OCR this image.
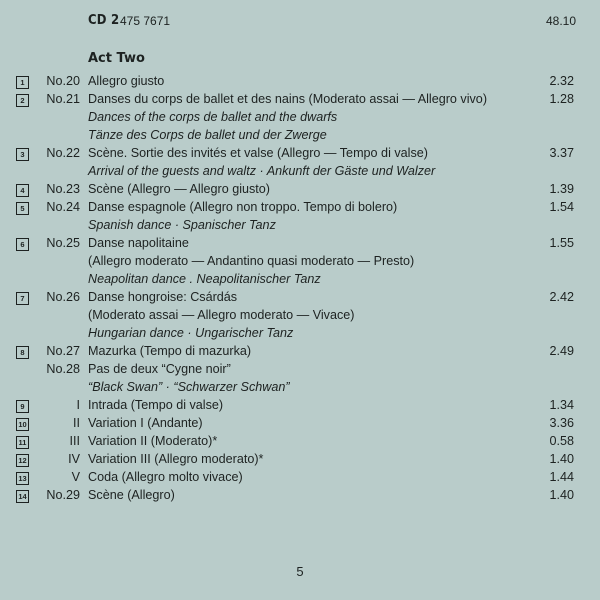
CD 2 475 7671	48.10
Act Two
1	No.20 Allegro giusto	2.32
2	No.21 Danses du corps de ballet et des nains (Moderato assai — Allegro vivo)	1.28
Dances of the corps de ballet and the dwarfs
Tänze des Corps de ballet und der Zwerge
3	No.22 Scène. Sortie des invités et valse (Allegro — Tempo di valse)	3.37
Arrival of the guests and waltz · Ankunft der Gäste und Walzer
4	No.23 Scène (Allegro — Allegro giusto)	1.39
5	No.24 Danse espagnole (Allegro non troppo. Tempo di bolero)	1.54
Spanish dance · Spanischer Tanz
6	No.25 Danse napolitaine	1.55
(Allegro moderato — Andantino quasi moderato — Presto)
Neapolitan dance . Neapolitanischer Tanz
7	No.26 Danse hongroise: Csárdás	2.42
(Moderato assai — Allegro moderato — Vivace)
Hungarian dance · Ungarischer Tanz
8	No.27 Mazurka (Tempo di mazurka)	2.49
No.28 Pas de deux “Cygne noir”
“Black Swan” · “Schwarzer Schwan”
9	I Intrada (Tempo di valse)	1.34
10	II Variation I (Andante)	3.36
11	III Variation II (Moderato)*	0.58
12	IV Variation III (Allegro moderato)*	1.40
13	V Coda (Allegro molto vivace)	1.44
14 No.29 Scène (Allegro)	1.40
5
